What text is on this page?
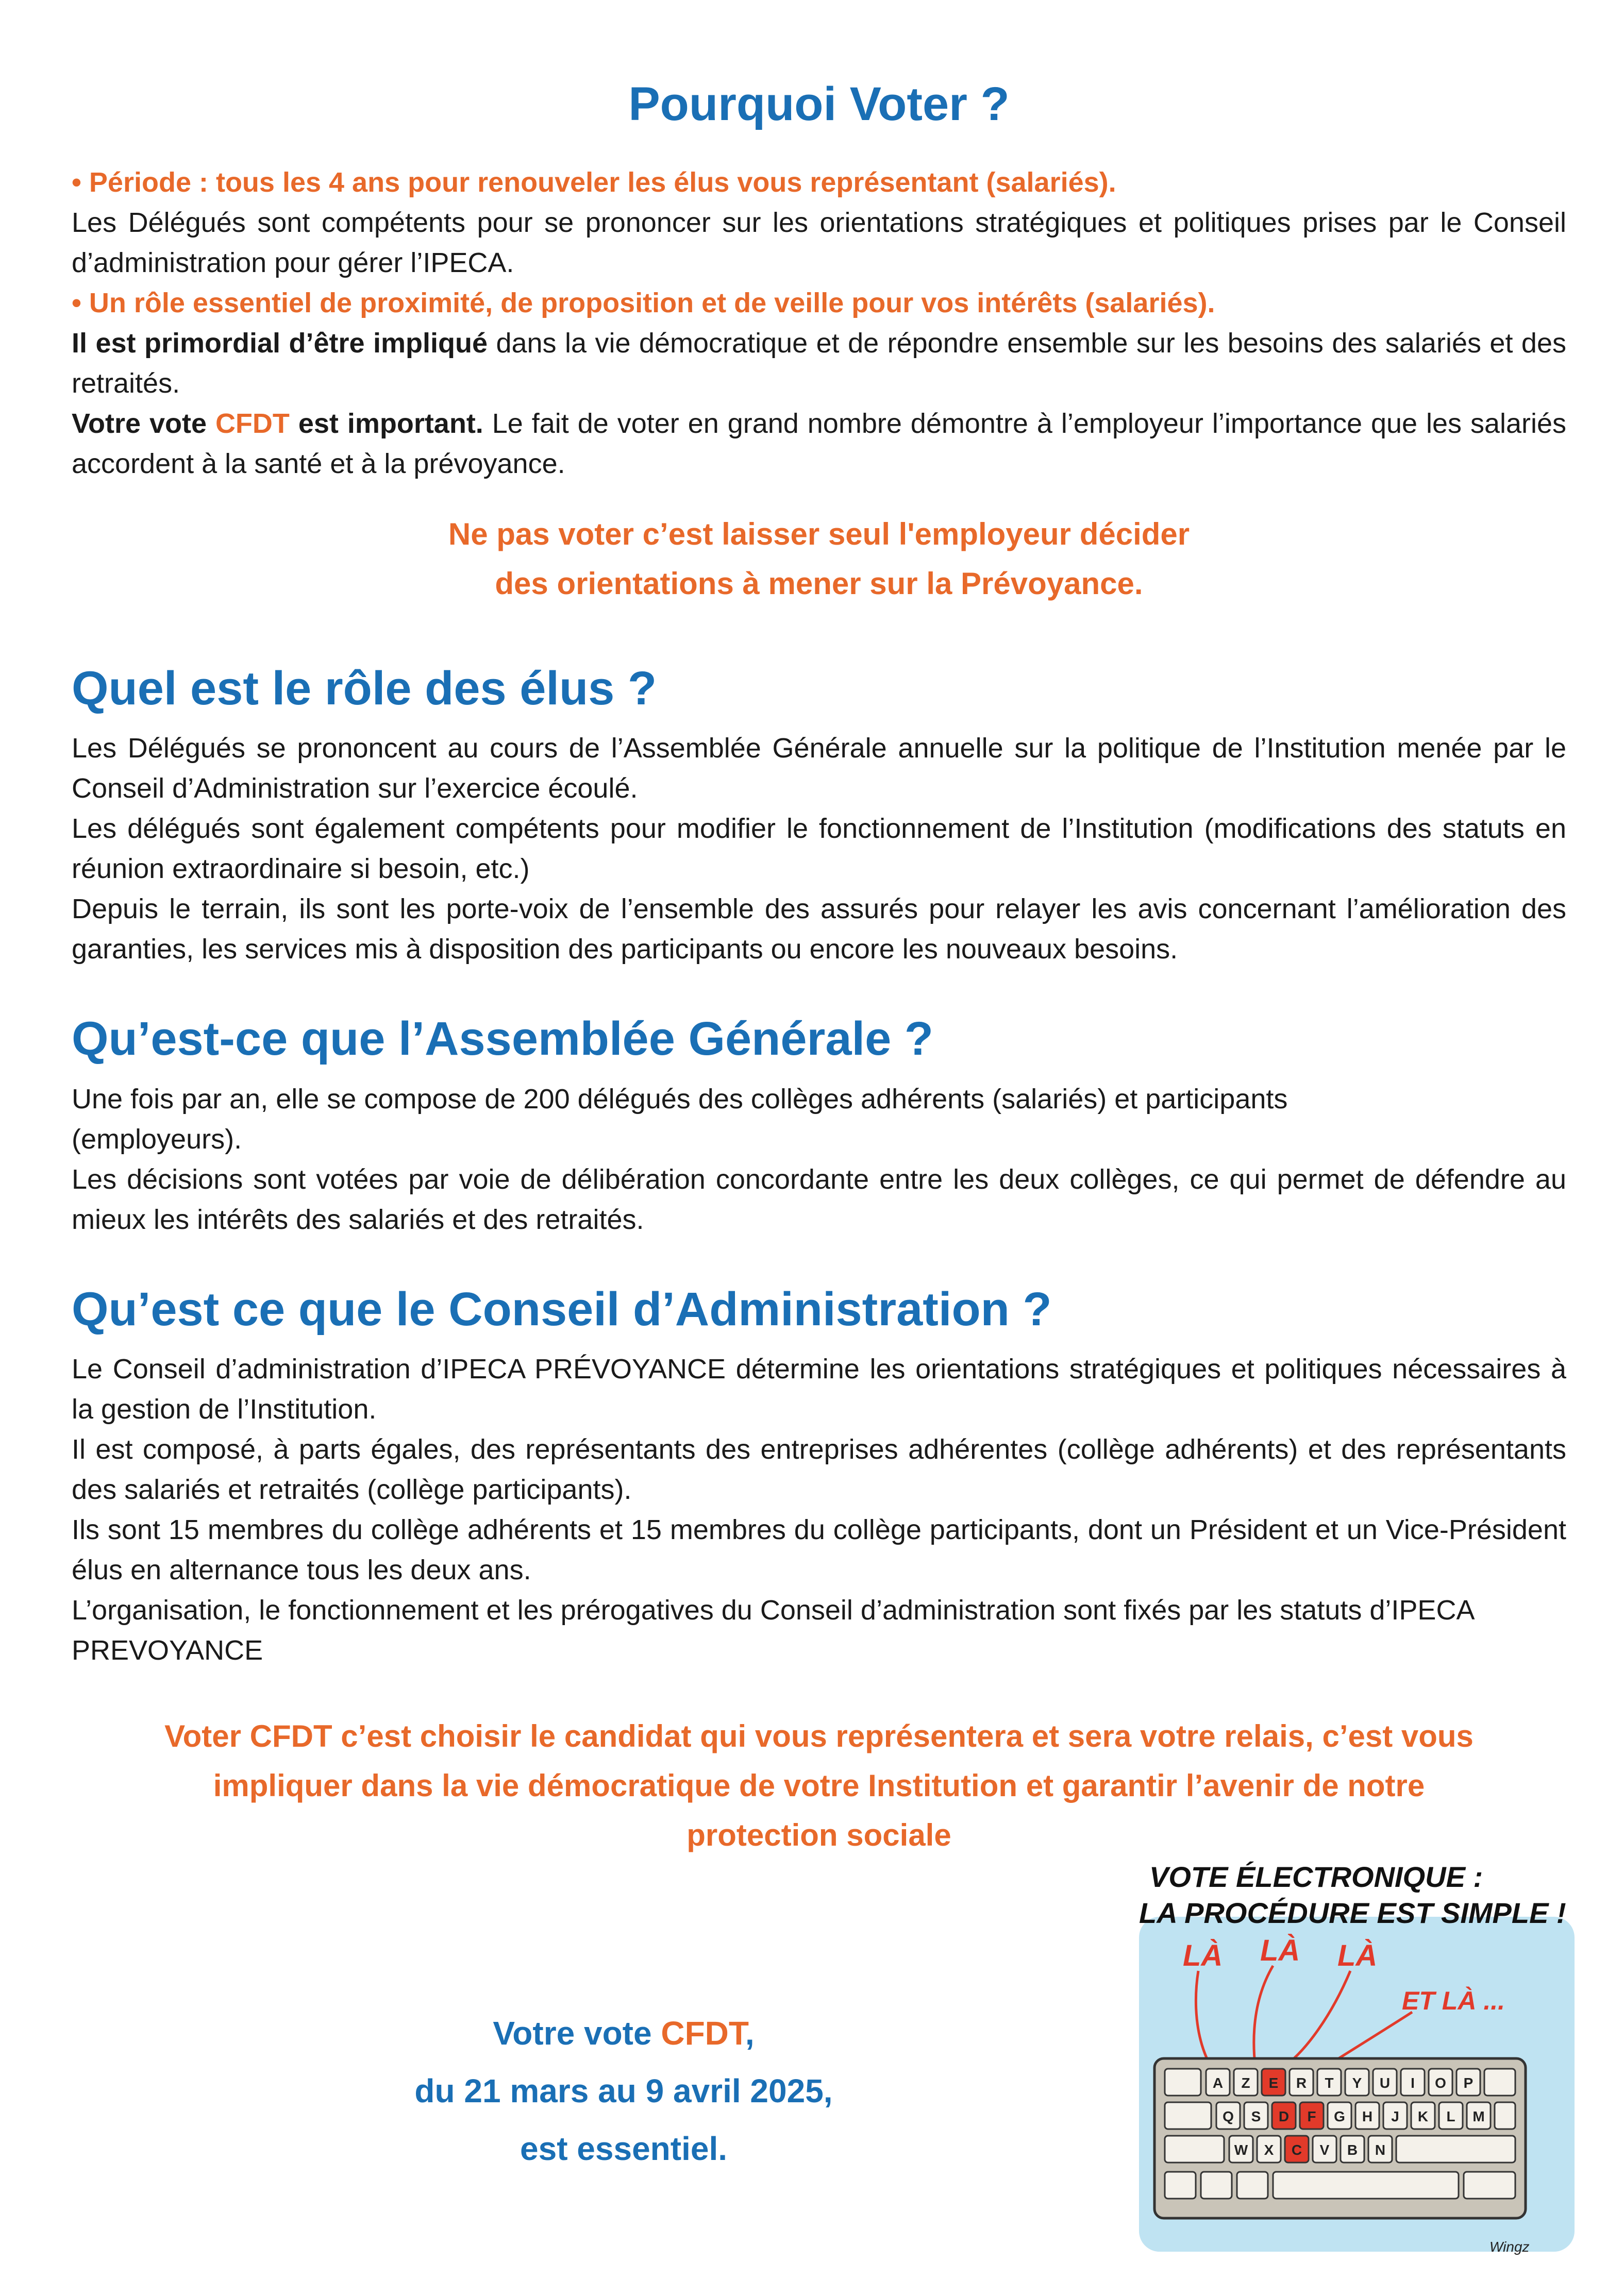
Pourquoi Voter ?

• Période : tous les 4 ans pour renouveler les élus vous représentant (salariés).

Les Délégués sont compétents pour se prononcer sur les orientations stratégiques et politiques prises par le Conseil d’administration pour gérer l’IPECA.

• Un rôle essentiel de proximité, de proposition et de veille pour vos intérêts (salariés).

Il est primordial d’être impliqué dans la vie démocratique et de répondre ensemble sur les besoins des salariés et des retraités.

Votre vote CFDT est important. Le fait de voter en grand nombre démontre à l’employeur l’importance que les salariés accordent à la santé et à la prévoyance.

Ne pas voter c’est laisser seul l'employeur décider
des orientations à mener sur la Prévoyance.
Quel est le rôle des élus ?

Les Délégués se prononcent au cours de l’Assemblée Générale annuelle sur la politique de l’Institution menée par le Conseil d’Administration sur l’exercice écoulé.

Les délégués sont également compétents pour modifier le fonctionnement de l’Institution (modifications des statuts en réunion extraordinaire si besoin, etc.)

Depuis le terrain, ils sont les porte-voix de l’ensemble des assurés pour relayer les avis concernant l’amélioration des garanties, les services mis à disposition des participants ou encore les nouveaux besoins.

Qu’est-ce que l’Assemblée Générale ?

Une fois par an, elle se compose de 200 délégués des collèges adhérents (salariés) et participants
(employeurs).

Les décisions sont votées par voie de délibération concordante entre les deux collèges, ce qui permet de défendre au mieux les intérêts des salariés et des retraités.

Qu’est ce que le Conseil d’Administration ?

Le Conseil d’administration d’IPECA PRÉVOYANCE détermine les orientations stratégiques et politiques nécessaires à la gestion de l’Institution.

Il est composé, à parts égales, des représentants des entreprises adhérentes (collège adhérents) et des représentants des salariés et retraités (collège participants).

Ils sont 15 membres du collège adhérents et 15 membres du collège participants, dont un Président et un Vice-Président élus en alternance tous les deux ans.

L’organisation, le fonctionnement et les prérogatives du Conseil d’administration sont fixés par les statuts d’IPECA PREVOYANCE

Voter CFDT c’est choisir le candidat qui vous représentera et sera votre relais, c’est vous
impliquer dans la vie démocratique de votre Institution et garantir l’avenir de notre
protection sociale
Votre vote CFDT,
du 21 mars au 9 avril 2025,
est essentiel.
VOTE ÉLECTRONIQUE :
LA PROCÉDURE EST SIMPLE !
LÀ LÀ LÀ
ET LÀ ...
A Z E R T Y U I O P
Q S D F G H J K L M
W X C V B N
Wingz
